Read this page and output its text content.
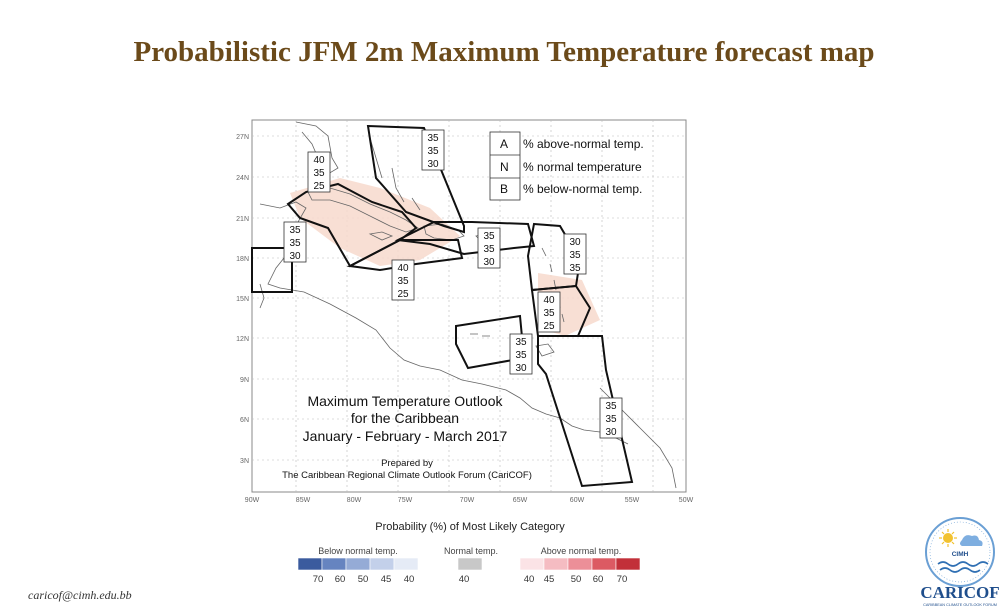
Probabilistic JFM 2m Maximum Temperature forecast map
27N
24N
21N
18N
15N
12N
9N
6N
3N
90W	85W	80W	75W	70W	65W	60W	55W	50W
35
35
30
40
35
25
35
35
30
40
35
25
35
35
30
30
35
35
40
35
25
35
35
30
35
35
30
A
N
B
% above-normal temp.
% normal temperature
% below-normal temp.
Maximum Temperature Outlook
for the Caribbean
January - February - March 2017
Prepared by
The Caribbean Regional Climate Outlook Forum (CariCOF)
Probability (%) of Most Likely Category
Below normal temp.	Normal temp.	Above normal temp.
70 60 50 45 40	40	40 45 50 60 70
caricof@cimh.edu.bb
CIMH
CARICOF
CARIBBEAN CLIMATE OUTLOOK FORUM
